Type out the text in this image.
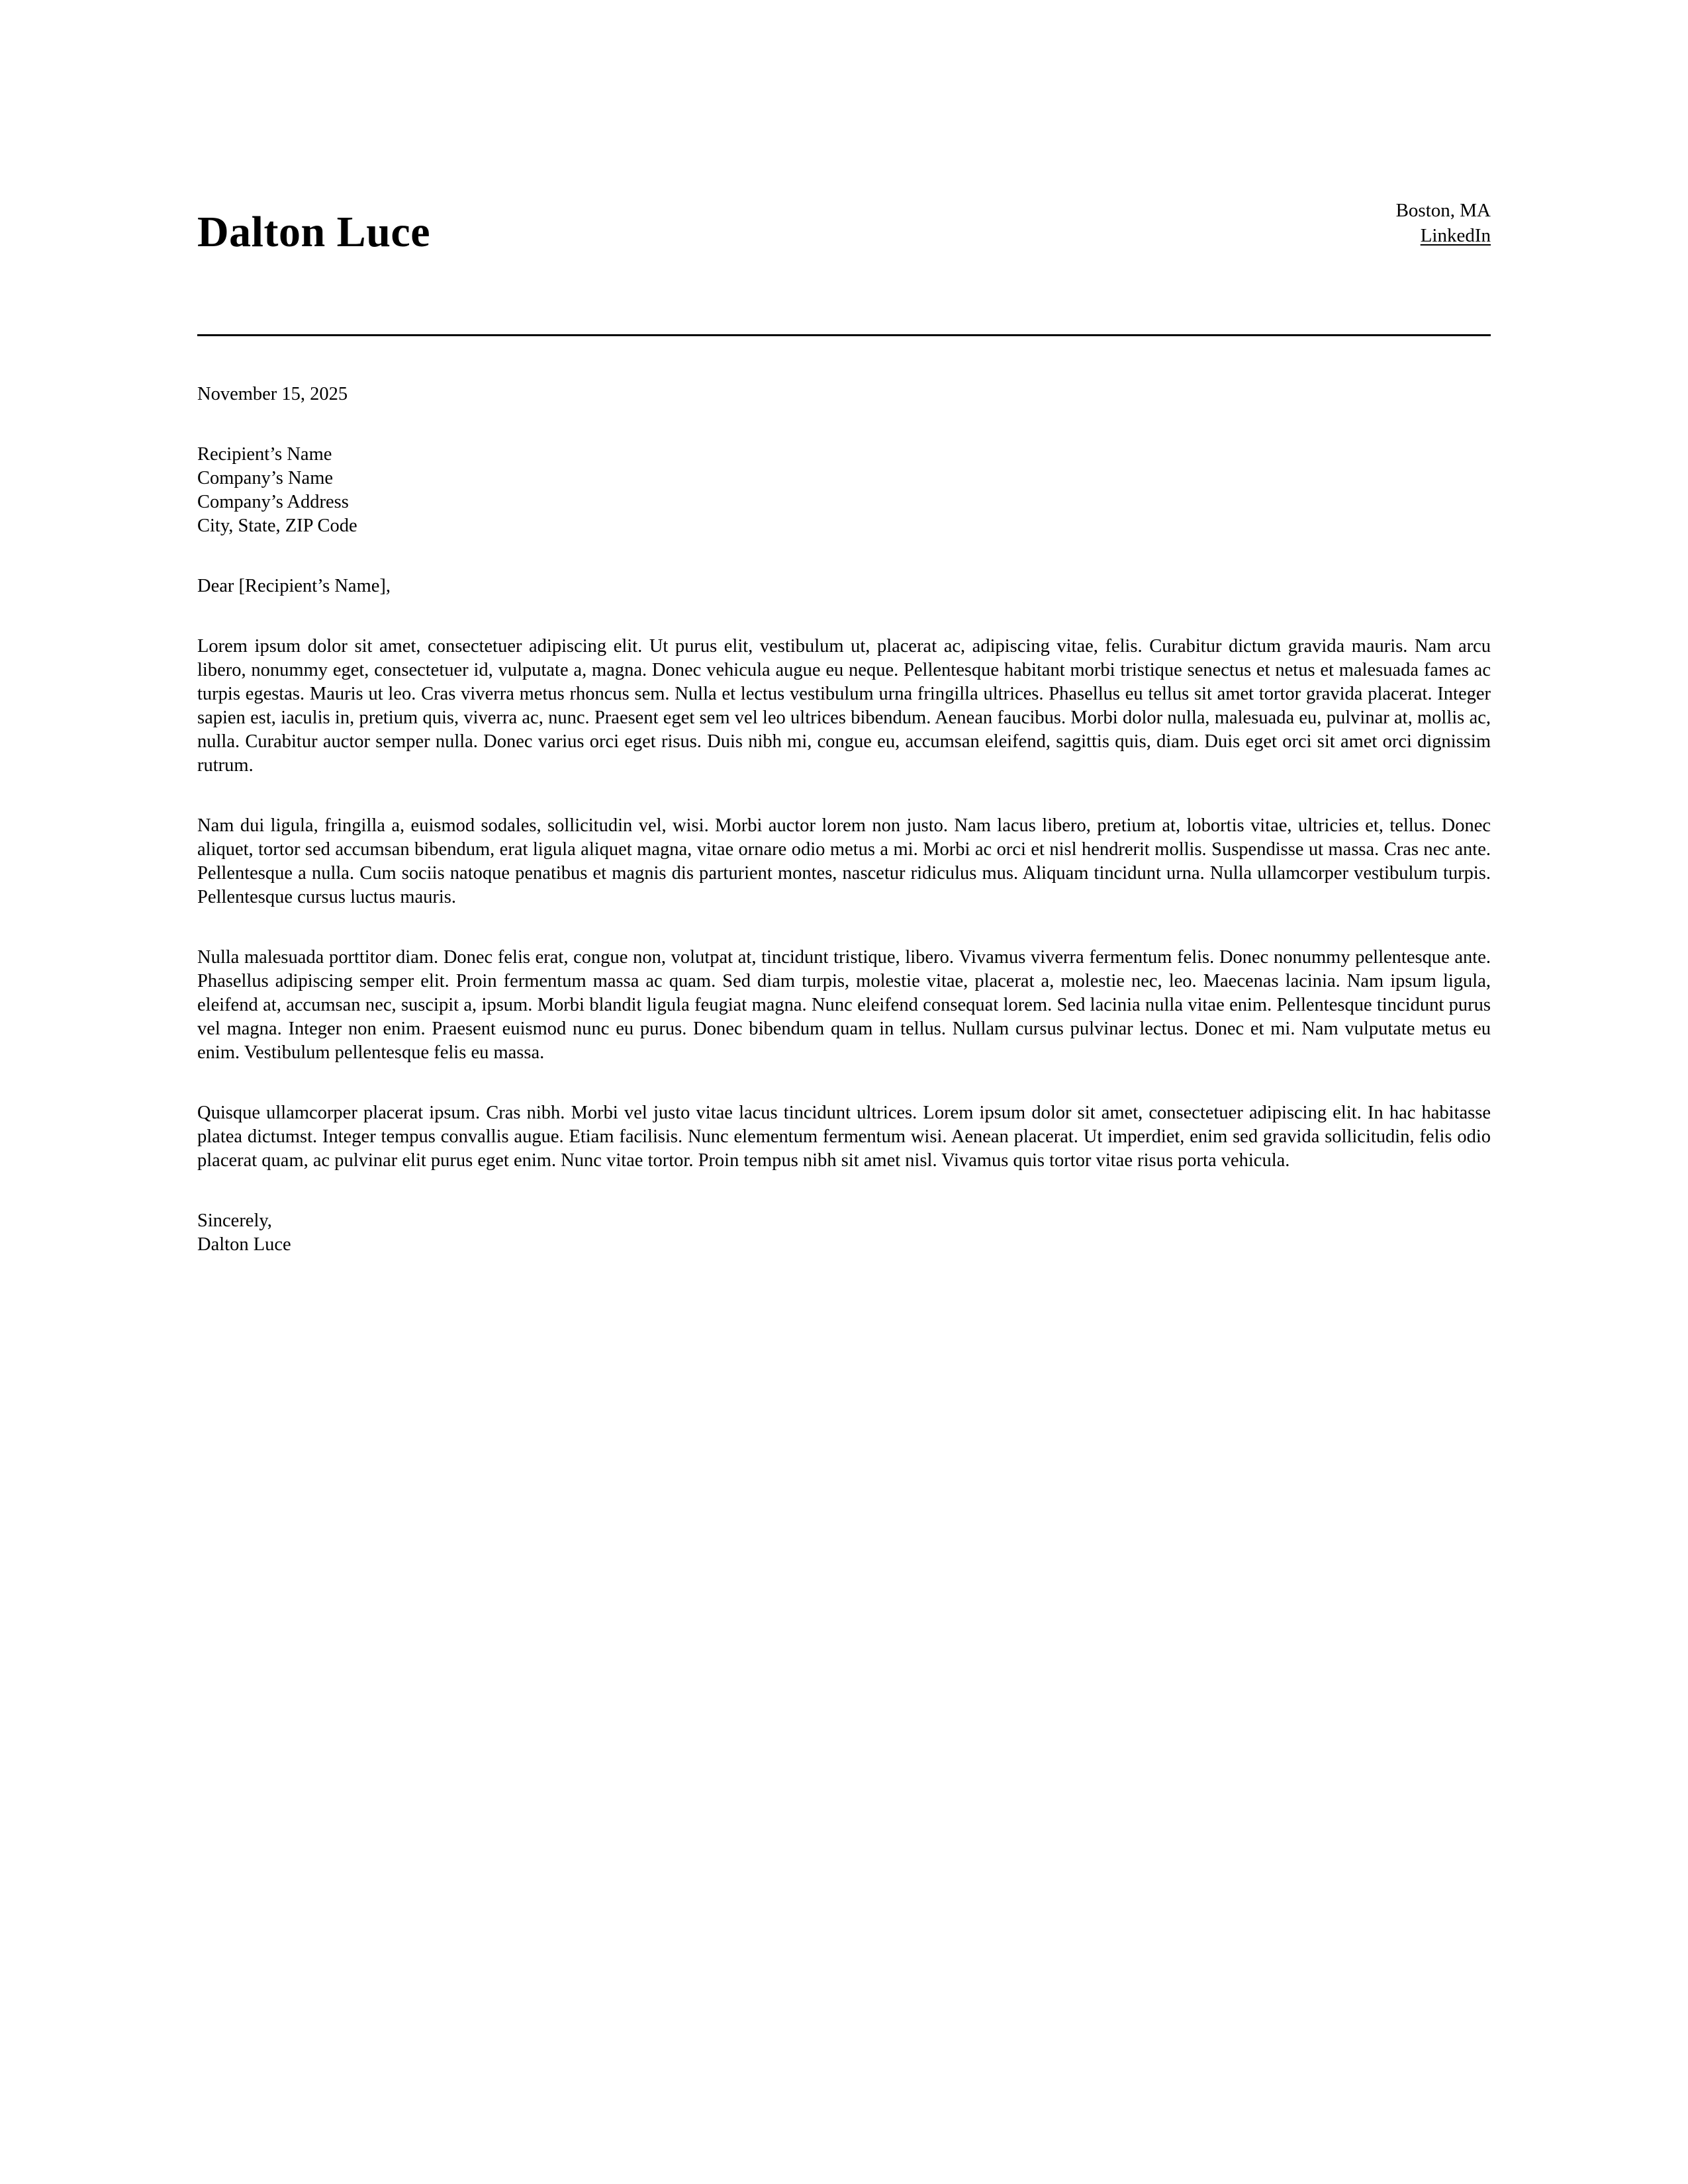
Dalton Luce	Boston, MA
LinkedIn
November 15, 2025
Recipient’s Name
Company’s Name
Company’s Address
City, State, ZIP Code
Dear [Recipient’s Name],

Lorem ipsum dolor sit amet, consectetuer adipiscing elit. Ut purus elit, vestibulum ut, placerat ac, adipiscing vitae, felis. Curabitur dictum gravida mauris. Nam arcu libero, nonummy eget, consectetuer id, vulputate a, magna. Donec vehicula augue eu neque. Pellentesque habitant morbi tristique senectus et netus et malesuada fames ac turpis egestas. Mauris ut leo. Cras viverra metus rhoncus sem. Nulla et lectus vestibulum urna fringilla ultrices. Phasellus eu tellus sit amet tortor gravida placerat. Integer sapien est, iaculis in, pretium quis, viverra ac, nunc. Praesent eget sem vel leo ultrices bibendum. Aenean faucibus. Morbi dolor nulla, malesuada eu, pulvinar at, mollis ac, nulla. Curabitur auctor semper nulla. Donec varius orci eget risus. Duis nibh mi, congue eu, accumsan eleifend, sagittis quis, diam. Duis eget orci sit amet orci dignissim rutrum.

Nam dui ligula, fringilla a, euismod sodales, sollicitudin vel, wisi. Morbi auctor lorem non justo. Nam lacus libero, pretium at, lobortis vitae, ultricies et, tellus. Donec aliquet, tortor sed accumsan bibendum, erat ligula aliquet magna, vitae ornare odio metus a mi. Morbi ac orci et nisl hendrerit mollis. Suspendisse ut massa. Cras nec ante. Pellentesque a nulla. Cum sociis natoque penatibus et magnis dis parturient montes, nascetur ridiculus mus. Aliquam tincidunt urna. Nulla ullamcorper vestibulum turpis. Pellentesque cursus luctus mauris.

Nulla malesuada porttitor diam. Donec felis erat, congue non, volutpat at, tincidunt tristique, libero. Vivamus viverra fermentum felis. Donec nonummy pellentesque ante. Phasellus adipiscing semper elit. Proin fermentum massa ac quam. Sed diam turpis, molestie vitae, placerat a, molestie nec, leo. Maecenas lacinia. Nam ipsum ligula, eleifend at, accumsan nec, suscipit a, ipsum. Morbi blandit ligula feugiat magna. Nunc eleifend consequat lorem. Sed lacinia nulla vitae enim. Pellentesque tincidunt purus vel magna. Integer non enim. Praesent euismod nunc eu purus. Donec bibendum quam in tellus. Nullam cursus pulvinar lectus. Donec et mi. Nam vulputate metus eu enim. Vestibulum pellentesque felis eu massa.

Quisque ullamcorper placerat ipsum. Cras nibh. Morbi vel justo vitae lacus tincidunt ultrices. Lorem ipsum dolor sit amet, consectetuer adipiscing elit. In hac habitasse platea dictumst. Integer tempus convallis augue. Etiam facilisis. Nunc elementum fermentum wisi. Aenean placerat. Ut imperdiet, enim sed gravida sollicitudin, felis odio placerat quam, ac pulvinar elit purus eget enim. Nunc vitae tortor. Proin tempus nibh sit amet nisl. Vivamus quis tortor vitae risus porta vehicula.

Sincerely,
Dalton Luce
